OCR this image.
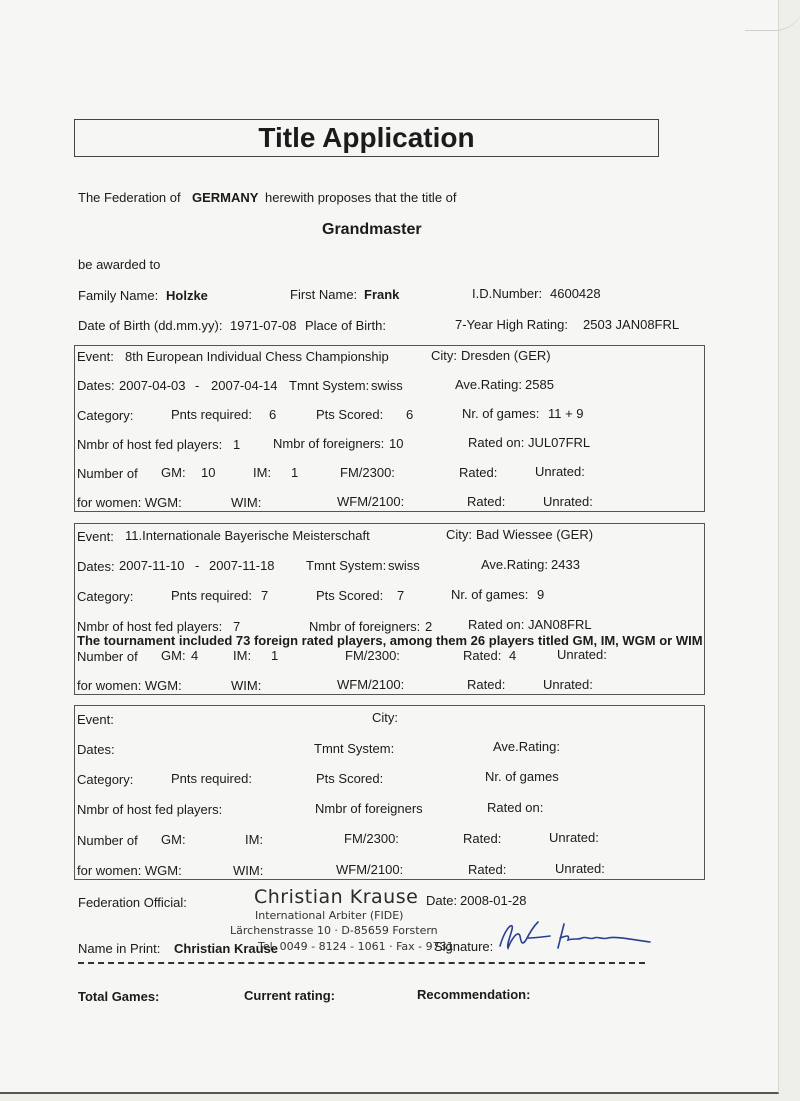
Title Application
The Federation of GERMANY herewith proposes that the title of
Grandmaster
be awarded to
Family Name: Holzke	First Name: Frank	I.D.Number: 4600428
Date of Birth (dd.mm.yy): 1971-07-08 Place of Birth:	7-Year High Rating: 2503 JAN08FRL
Event: 8th European Individual Chess Championship	City: Dresden (GER)
Dates: 2007-04-03 - 2007-04-14 Tmnt System: swiss	Ave.Rating: 2585
Category:	Pnts required: 6	Pts Scored: 6	Nr. of games: 11 + 9
Nmbr of host fed players: 1	Nmbr of foreigners: 10	Rated on: JUL07FRL
Number of GM: 10	IM: 1	FM/2300:	Rated:	Unrated:
for women: WGM:	WIM:	WFM/2100:	Rated:	Unrated:
Event: 11.Internationale Bayerische Meisterschaft	City: Bad Wiessee (GER)
Dates: 2007-11-10 - 2007-11-18 Tmnt System: swiss	Ave.Rating: 2433
Category:	Pnts required: 7	Pts Scored: 7	Nr. of games: 9
Nmbr of host fed players: 7	Nmbr of foreigners: 2	Rated on: JAN08FRL
The tournament included 73 foreign rated players, among them 26 players titled GM, IM, WGM or WIM
Number of GM: 4	IM: 1	FM/2300:	Rated: 4	Unrated:
for women: WGM:	WIM:	WFM/2100:	Rated:	Unrated:
Event:	City:
Dates:	Tmnt System:	Ave.Rating:
Category:	Pnts required:	Pts Scored:	Nr. of games
Nmbr of host fed players:	Nmbr of foreigners	Rated on:
Number of GM:	IM:	FM/2300:	Rated:	Unrated:
for women: WGM:	WIM:	WFM/2100:	Rated:	Unrated:
Federation Official:	Christian Krause
International Arbiter (FIDE)
Lärchenstrasse 10 · D-85659 Forstern
Tel. 0049 - 8124 - 1061 · Fax - 9731
Date: 2008-01-28
Name in Print: Christian Krause	Signature:
Total Games:	Current rating:	Recommendation:
